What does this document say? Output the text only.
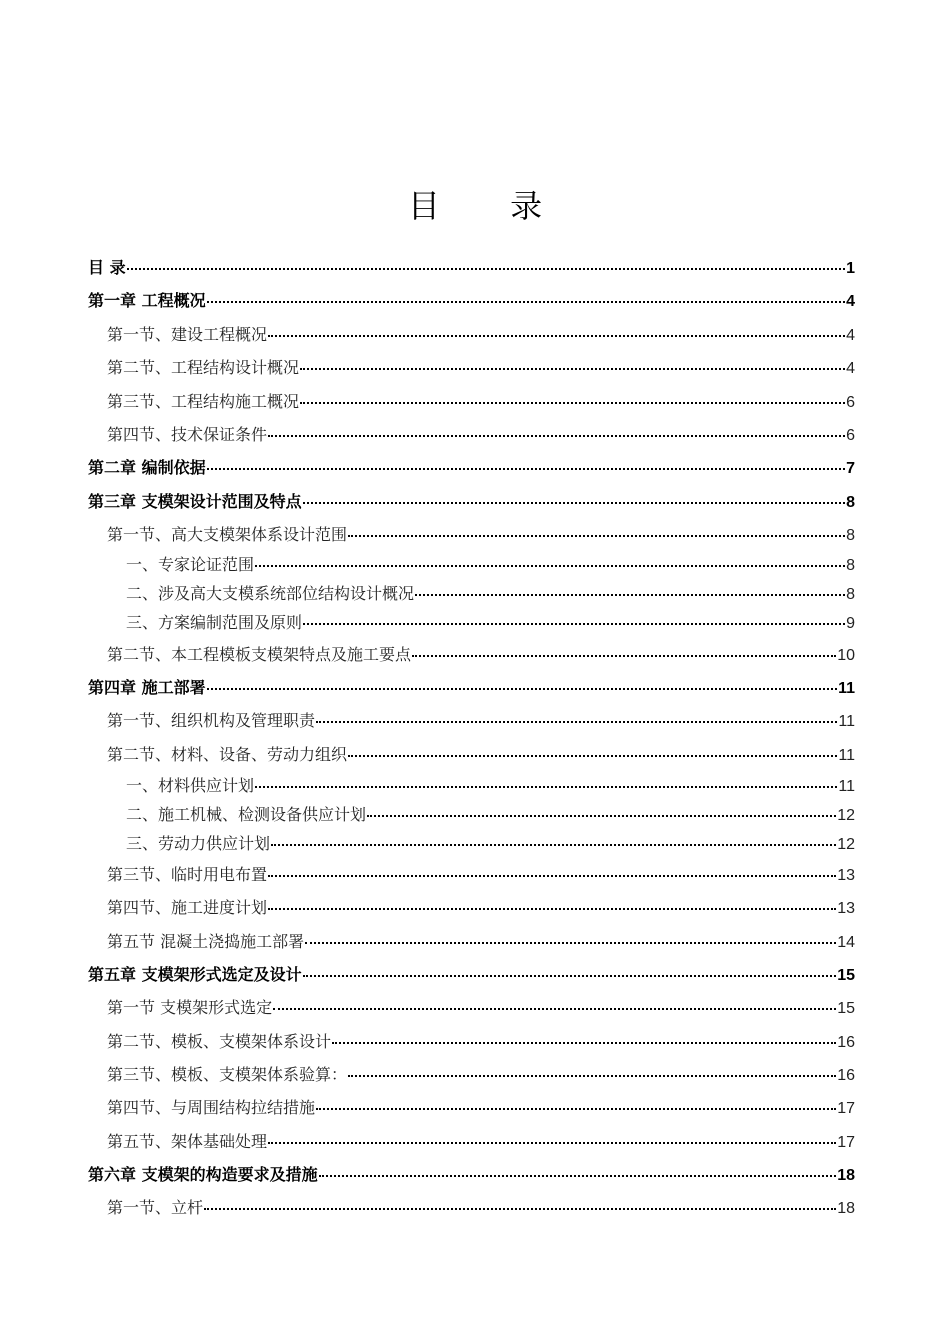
目 录
目 录	1
第一章 工程概况	4
第一节、建设工程概况	4
第二节、工程结构设计概况	4
第三节、工程结构施工概况	6
第四节、技术保证条件	6
第二章 编制依据	7
第三章 支模架设计范围及特点	8
第一节、高大支模架体系设计范围	8
一、专家论证范围	8
二、涉及高大支模系统部位结构设计概况	8
三、方案编制范围及原则	9
第二节、本工程模板支模架特点及施工要点	10
第四章 施工部署	11
第一节、组织机构及管理职责	11
第二节、材料、设备、劳动力组织	11
一、材料供应计划	11
二、施工机械、检测设备供应计划	12
三、劳动力供应计划	12
第三节、临时用电布置	13
第四节、施工进度计划	13
第五节 混凝土浇捣施工部署	14
第五章 支模架形式选定及设计	15
第一节 支模架形式选定	15
第二节、模板、支模架体系设计	16
第三节、模板、支模架体系验算：	16
第四节、与周围结构拉结措施	17
第五节、架体基础处理	17
第六章 支模架的构造要求及措施	18
第一节、立杆	18
